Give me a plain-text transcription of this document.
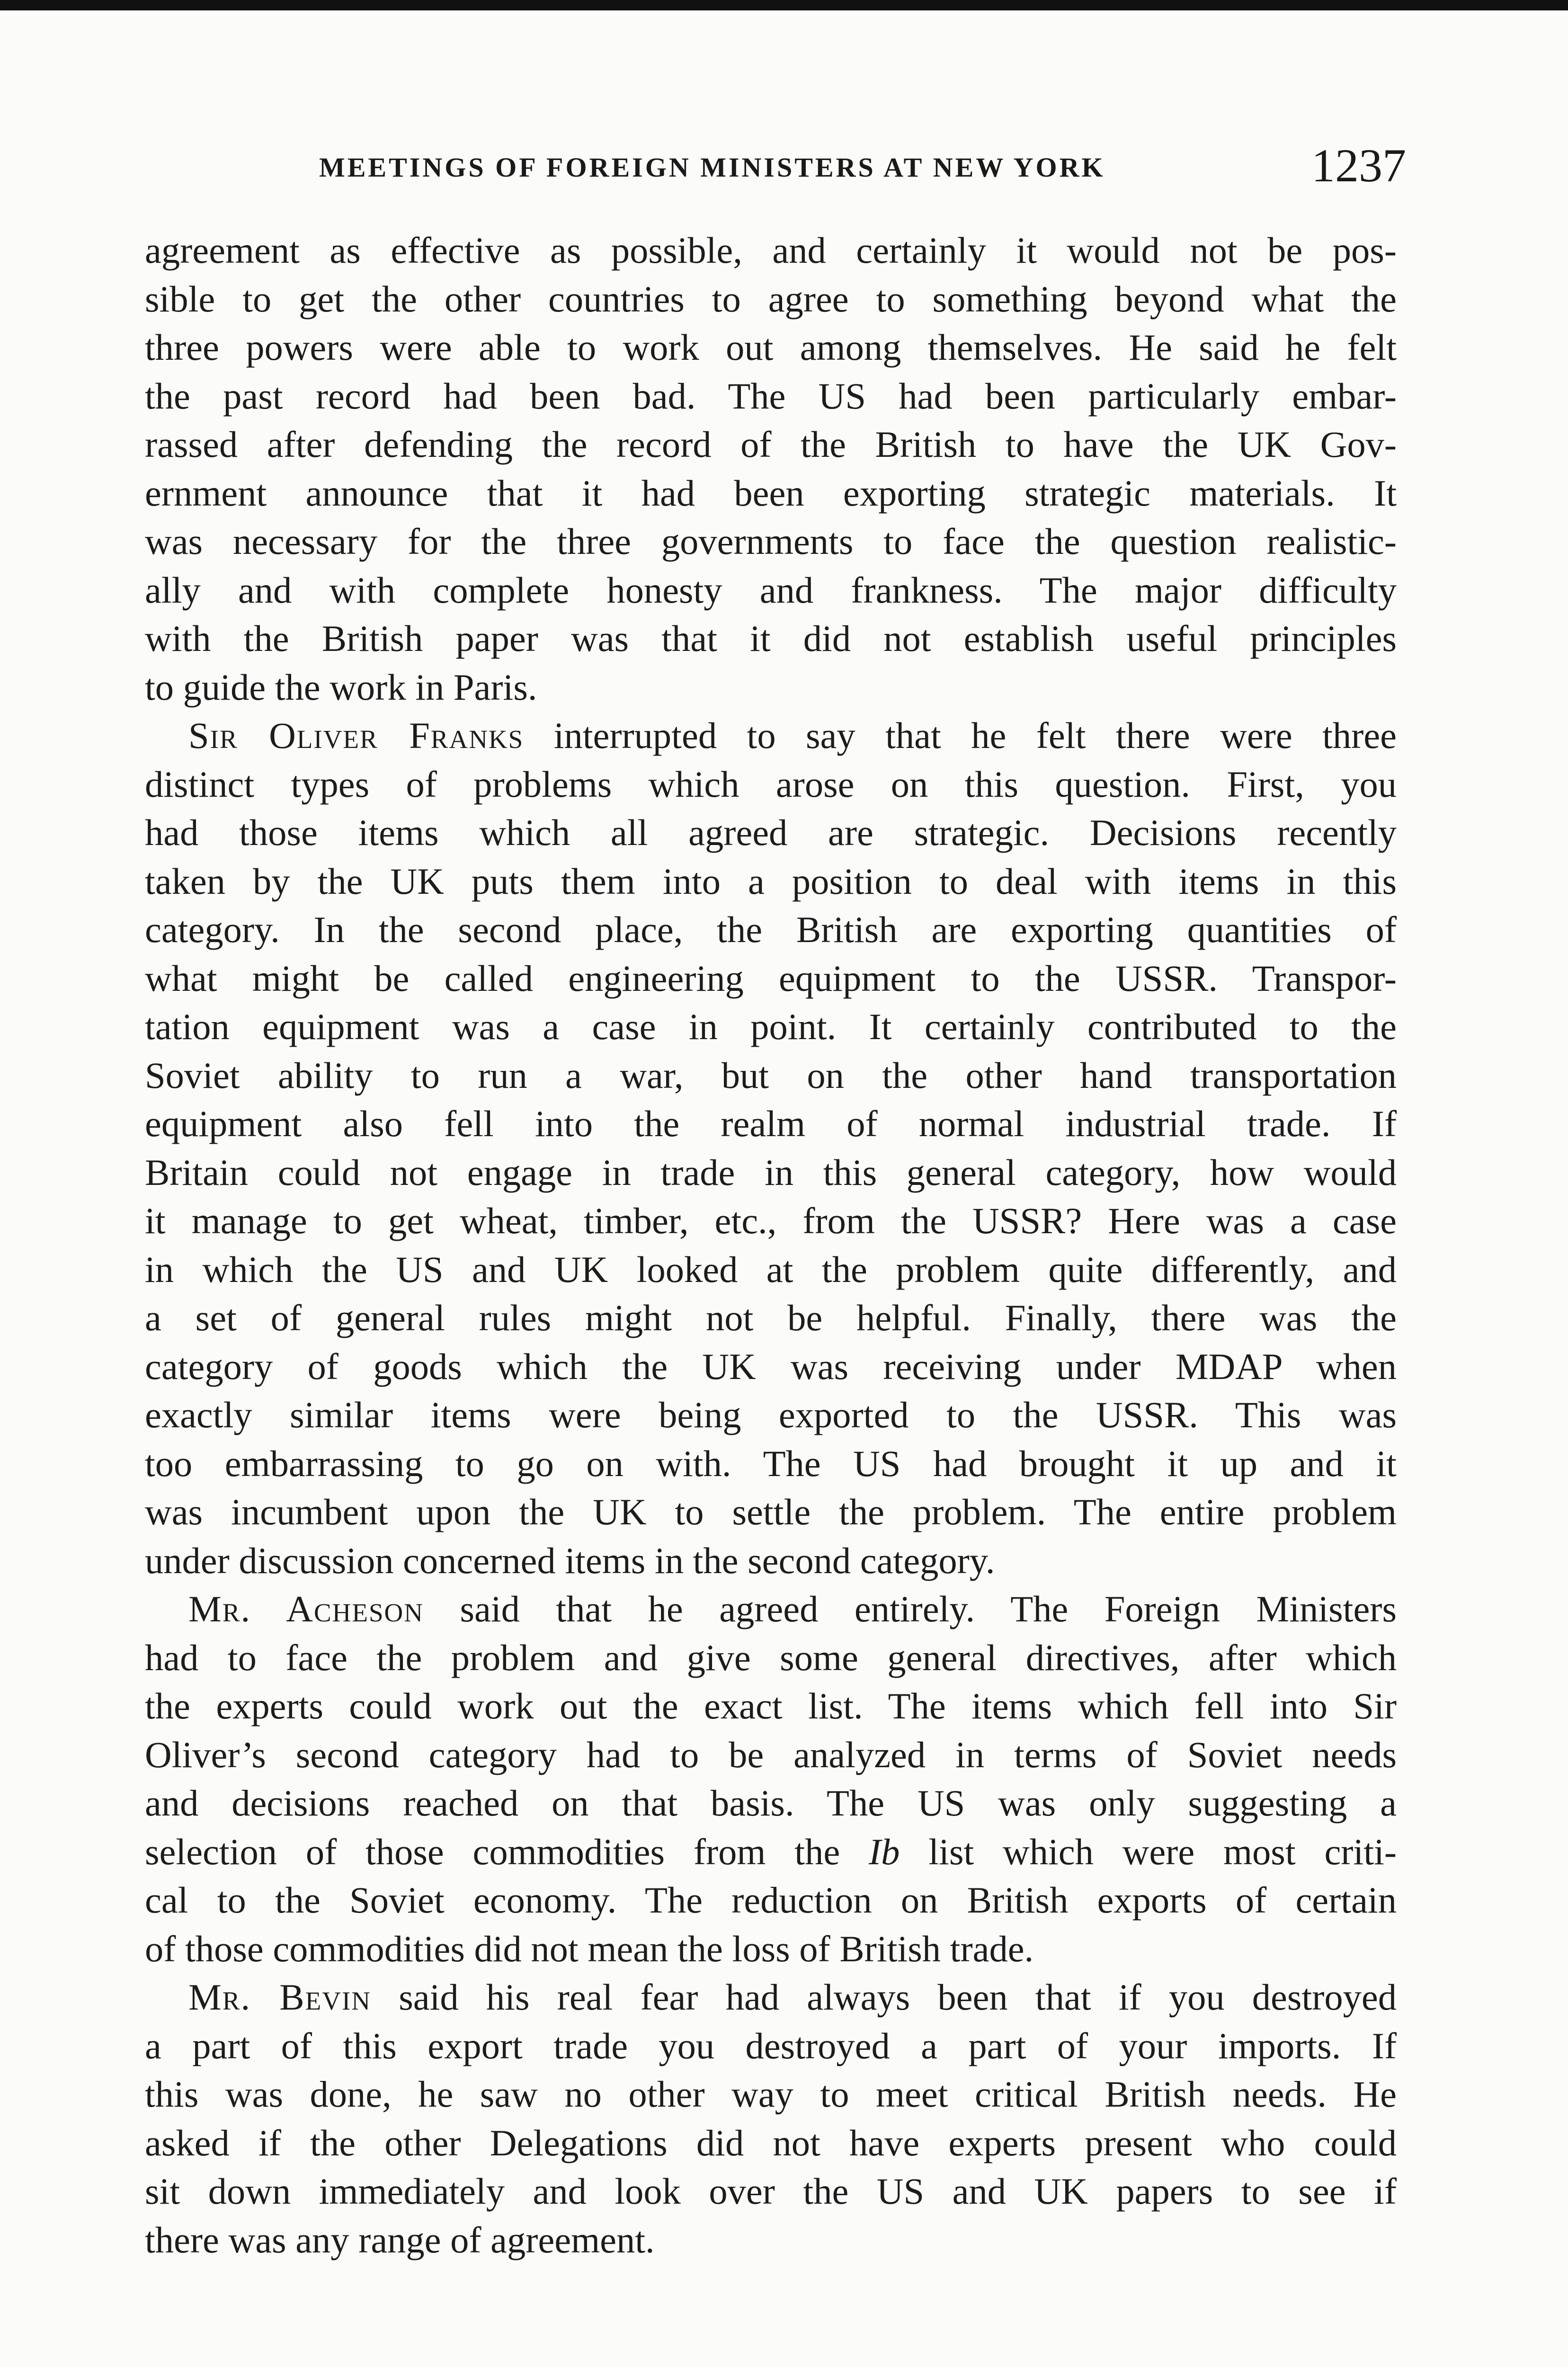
MEETINGS OF FOREIGN MINISTERS AT NEW YORK	1237
agreement as effective as possible, and certainly it would not be pos-
sible to get the other countries to agree to something beyond what the
three powers were able to work out among themselves. He said he felt
the past record had been bad. The US had been particularly embar-
rassed after defending the record of the British to have the UK Gov-
ernment announce that it had been exporting strategic materials. It
was necessary for the three governments to face the question realistic-
ally and with complete honesty and frankness. The major difficulty
with the British paper was that it did not establish useful principles
to guide the work in Paris.
Sir Oliver Franks interrupted to say that he felt there were three
distinct types of problems which arose on this question. First, you
had those items which all agreed are strategic. Decisions recently
taken by the UK puts them into a position to deal with items in this
category. In the second place, the British are exporting quantities of
what might be called engineering equipment to the USSR. Transpor-
tation equipment was a case in point. It certainly contributed to the
Soviet ability to run a war, but on the other hand transportation
equipment also fell into the realm of normal industrial trade. If
Britain could not engage in trade in this general category, how would
it manage to get wheat, timber, etc., from the USSR? Here was a case
in which the US and UK looked at the problem quite differently, and
a set of general rules might not be helpful. Finally, there was the
category of goods which the UK was receiving under MDAP when
exactly similar items were being exported to the USSR. This was
too embarrassing to go on with. The US had brought it up and it
was incumbent upon the UK to settle the problem. The entire problem
under discussion concerned items in the second category.
Mr. Acheson said that he agreed entirely. The Foreign Ministers
had to face the problem and give some general directives, after which
the experts could work out the exact list. The items which fell into Sir
Oliver’s second category had to be analyzed in terms of Soviet needs
and decisions reached on that basis. The US was only suggesting a
selection of those commodities from the Ib list which were most criti-
cal to the Soviet economy. The reduction on British exports of certain
of those commodities did not mean the loss of British trade.
Mr. Bevin said his real fear had always been that if you destroyed
a part of this export trade you destroyed a part of your imports. If
this was done, he saw no other way to meet critical British needs. He
asked if the other Delegations did not have experts present who could
sit down immediately and look over the US and UK papers to see if
there was any range of agreement.
